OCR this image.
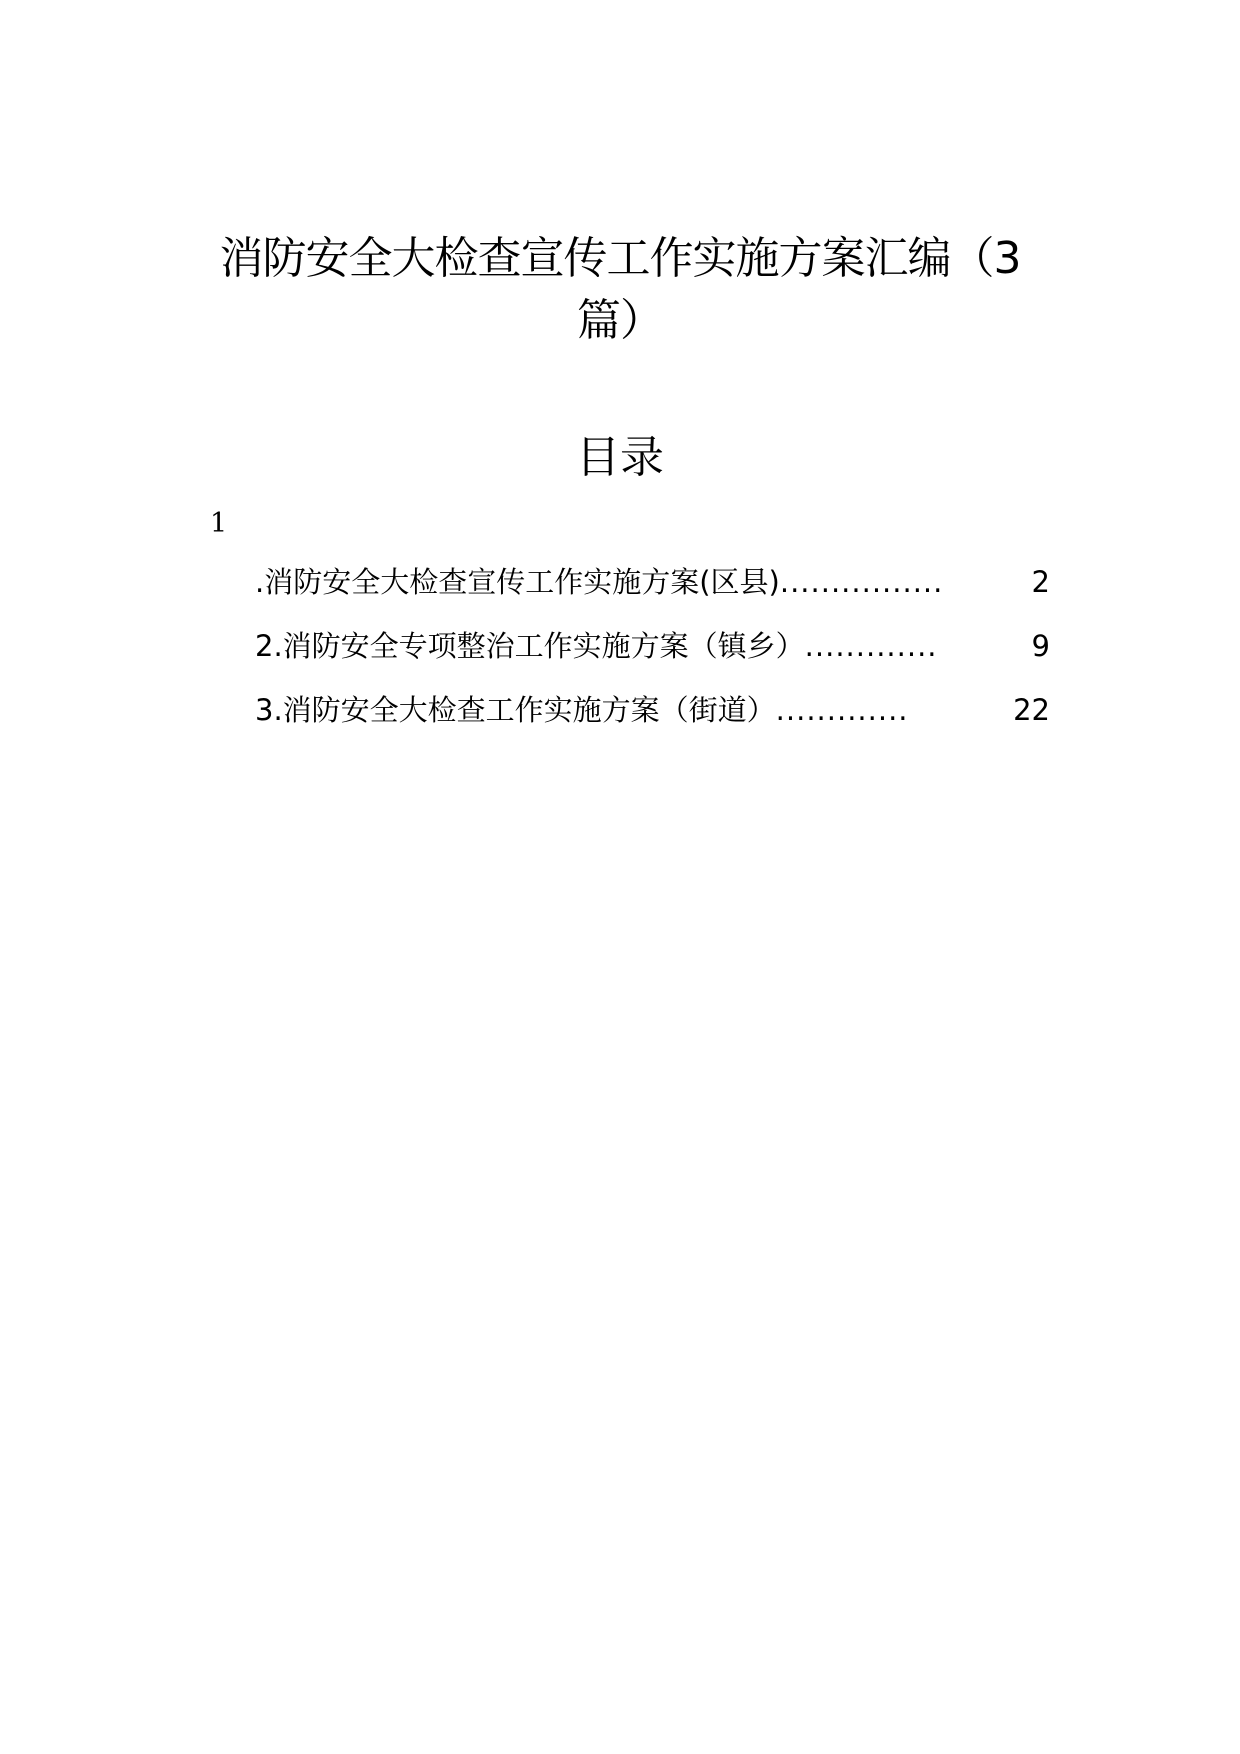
消防安全大检查宣传工作实施方案汇编（3
篇）
目录
1
.消防安全大检查宣传工作实施方案(区县) ................	2
2.消防安全专项整治工作实施方案（镇乡） .............	9
3.消防安全大检查工作实施方案（街道） .............	22
